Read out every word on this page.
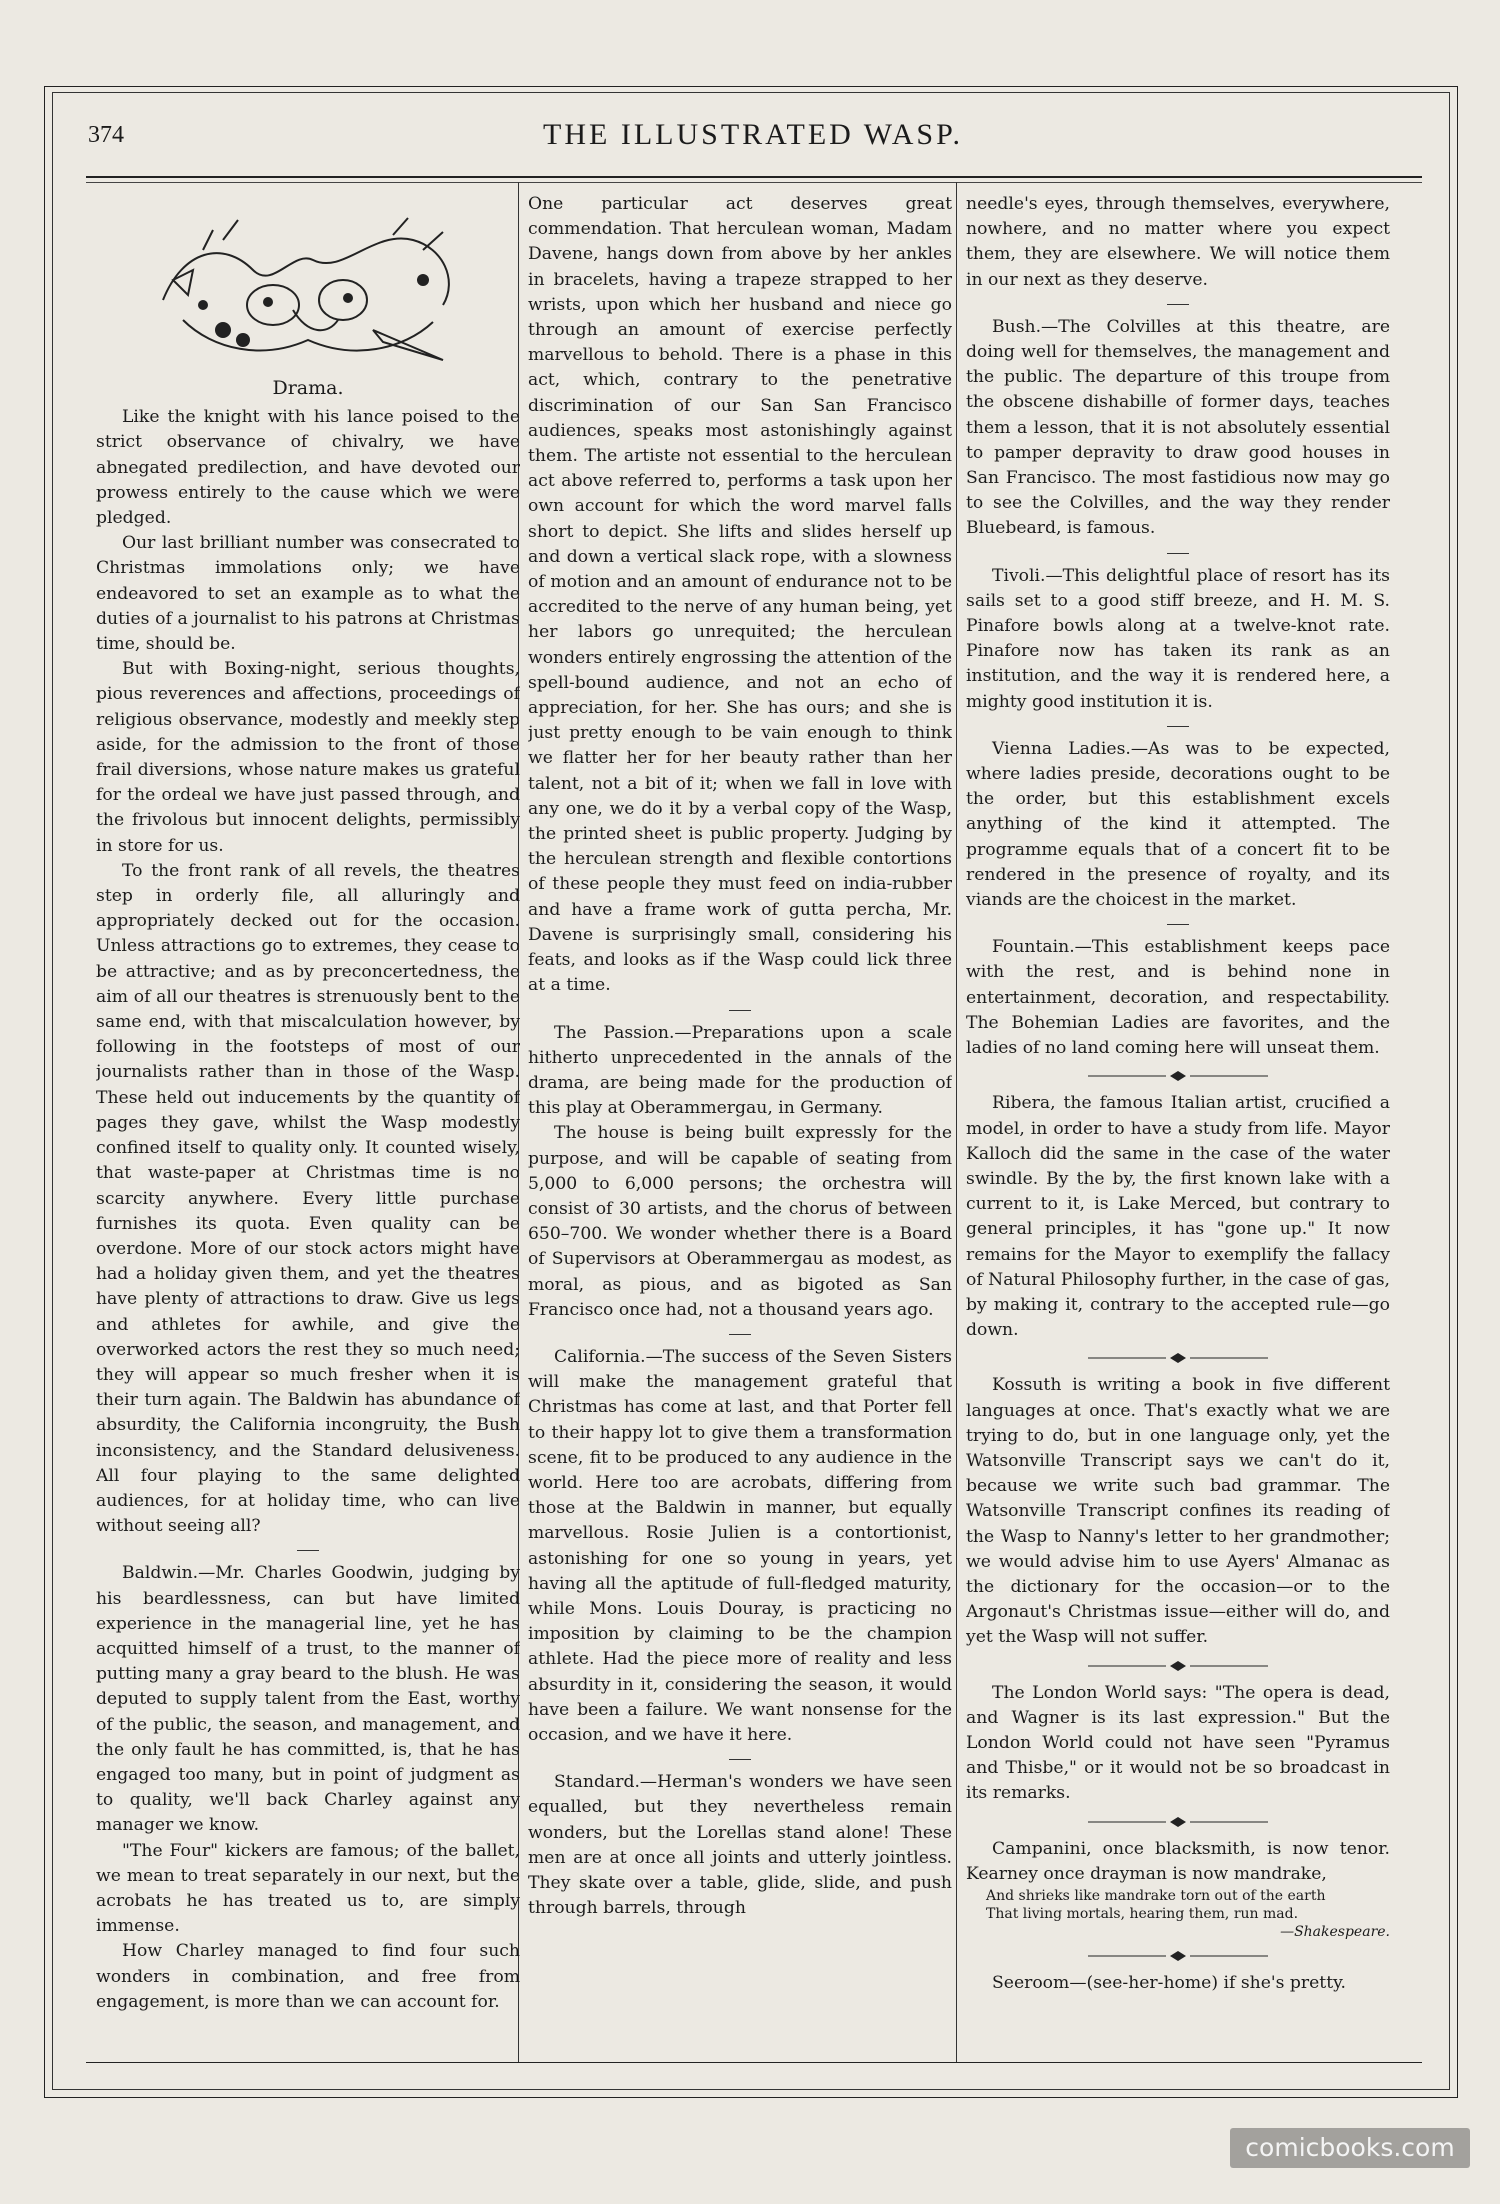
374	THE ILLUSTRATED WASP.

Drama.

Like the knight with his lance poised to the strict observance of chivalry, we have abnegated predilection, and have devoted our prowess entirely to the cause which we were pledged.

Our last brilliant number was consecrated to Christmas immolations only; we have endeavored to set an example as to what the duties of a journalist to his patrons at Christmas time, should be.

But with Boxing-night, serious thoughts, pious reverences and affections, proceedings of religious observance, modestly and meekly step aside, for the admission to the front of those frail diversions, whose nature makes us grateful for the ordeal we have just passed through, and the frivolous but innocent delights, permissibly in store for us.

To the front rank of all revels, the theatres step in orderly file, all alluringly and appropriately decked out for the occasion. Unless attractions go to extremes, they cease to be attractive; and as by preconcertedness, the aim of all our theatres is strenuously bent to the same end, with that miscalculation however, by following in the footsteps of most of our journalists rather than in those of the Wasp. These held out inducements by the quantity of pages they gave, whilst the Wasp modestly confined itself to quality only. It counted wisely, that waste-paper at Christmas time is no scarcity anywhere. Every little purchase furnishes its quota. Even quality can be overdone. More of our stock actors might have had a holiday given them, and yet the theatres have plenty of attractions to draw. Give us legs and athletes for awhile, and give the overworked actors the rest they so much need; they will appear so much fresher when it is their turn again. The Baldwin has abundance of absurdity, the California incongruity, the Bush inconsistency, and the Standard delusiveness. All four playing to the same delighted audiences, for at holiday time, who can live without seeing all?

Baldwin.—Mr. Charles Goodwin, judging by his beardlessness, can but have limited experience in the managerial line, yet he has acquitted himself of a trust, to the manner of putting many a gray beard to the blush. He was deputed to supply talent from the East, worthy of the public, the season, and management, and the only fault he has committed, is, that he has engaged too many, but in point of judgment as to quality, we'll back Charley against any manager we know.

"The Four" kickers are famous; of the ballet, we mean to treat separately in our next, but the acrobats he has treated us to, are simply immense.

How Charley managed to find four such wonders in combination, and free from engagement, is more than we can account for.

One particular act deserves great commendation. That herculean woman, Madam Davene, hangs down from above by her ankles in bracelets, having a trapeze strapped to her wrists, upon which her husband and niece go through an amount of exercise perfectly marvellous to behold. There is a phase in this act, which, contrary to the penetrative discrimination of our San San Francisco audiences, speaks most astonishingly against them. The artiste not essential to the herculean act above referred to, performs a task upon her own account for which the word marvel falls short to depict. She lifts and slides herself up and down a vertical slack rope, with a slowness of motion and an amount of endurance not to be accredited to the nerve of any human being, yet her labors go unrequited; the herculean wonders entirely engrossing the attention of the spell-bound audience, and not an echo of appreciation, for her. She has ours; and she is just pretty enough to be vain enough to think we flatter her for her beauty rather than her talent, not a bit of it; when we fall in love with any one, we do it by a verbal copy of the Wasp, the printed sheet is public property. Judging by the herculean strength and flexible contortions of these people they must feed on india-rubber and have a frame work of gutta percha, Mr. Davene is surprisingly small, considering his feats, and looks as if the Wasp could lick three at a time.

The Passion.—Preparations upon a scale hitherto unprecedented in the annals of the drama, are being made for the production of this play at Oberammergau, in Germany.

The house is being built expressly for the purpose, and will be capable of seating from 5,000 to 6,000 persons; the orchestra will consist of 30 artists, and the chorus of between 650–700. We wonder whether there is a Board of Supervisors at Oberammergau as modest, as moral, as pious, and as bigoted as San Francisco once had, not a thousand years ago.

California.—The success of the Seven Sisters will make the management grateful that Christmas has come at last, and that Porter fell to their happy lot to give them a transformation scene, fit to be produced to any audience in the world. Here too are acrobats, differing from those at the Baldwin in manner, but equally marvellous. Rosie Julien is a contortionist, astonishing for one so young in years, yet having all the aptitude of full-fledged maturity, while Mons. Louis Douray, is practicing no imposition by claiming to be the champion athlete. Had the piece more of reality and less absurdity in it, considering the season, it would have been a failure. We want nonsense for the occasion, and we have it here.

Standard.—Herman's wonders we have seen equalled, but they nevertheless remain wonders, but the Lorellas stand alone! These men are at once all joints and utterly jointless. They skate over a table, glide, slide, and push through barrels, through

needle's eyes, through themselves, everywhere, nowhere, and no matter where you expect them, they are elsewhere. We will notice them in our next as they deserve.

Bush.—The Colvilles at this theatre, are doing well for themselves, the management and the public. The departure of this troupe from the obscene dishabille of former days, teaches them a lesson, that it is not absolutely essential to pamper depravity to draw good houses in San Francisco. The most fastidious now may go to see the Colvilles, and the way they render Bluebeard, is famous.

Tivoli.—This delightful place of resort has its sails set to a good stiff breeze, and H. M. S. Pinafore bowls along at a twelve-knot rate. Pinafore now has taken its rank as an institution, and the way it is rendered here, a mighty good institution it is.

Vienna Ladies.—As was to be expected, where ladies preside, decorations ought to be the order, but this establishment excels anything of the kind it attempted. The programme equals that of a concert fit to be rendered in the presence of royalty, and its viands are the choicest in the market.

Fountain.—This establishment keeps pace with the rest, and is behind none in entertainment, decoration, and respectability. The Bohemian Ladies are favorites, and the ladies of no land coming here will unseat them.

Ribera, the famous Italian artist, crucified a model, in order to have a study from life. Mayor Kalloch did the same in the case of the water swindle. By the by, the first known lake with a current to it, is Lake Merced, but contrary to general principles, it has "gone up." It now remains for the Mayor to exemplify the fallacy of Natural Philosophy further, in the case of gas, by making it, contrary to the accepted rule—go down.

Kossuth is writing a book in five different languages at once. That's exactly what we are trying to do, but in one language only, yet the Watsonville Transcript says we can't do it, because we write such bad grammar. The Watsonville Transcript confines its reading of the Wasp to Nanny's letter to her grandmother; we would advise him to use Ayers' Almanac as the dictionary for the occasion—or to the Argonaut's Christmas issue—either will do, and yet the Wasp will not suffer.

The London World says: "The opera is dead, and Wagner is its last expression." But the London World could not have seen "Pyramus and Thisbe," or it would not be so broadcast in its remarks.

Campanini, once blacksmith, is now tenor. Kearney once drayman is now mandrake,

And shrieks like mandrake torn out of the earth

That living mortals, hearing them, run mad.

—Shakespeare.

Seeroom—(see-her-home) if she's pretty.

comicbooks.com
